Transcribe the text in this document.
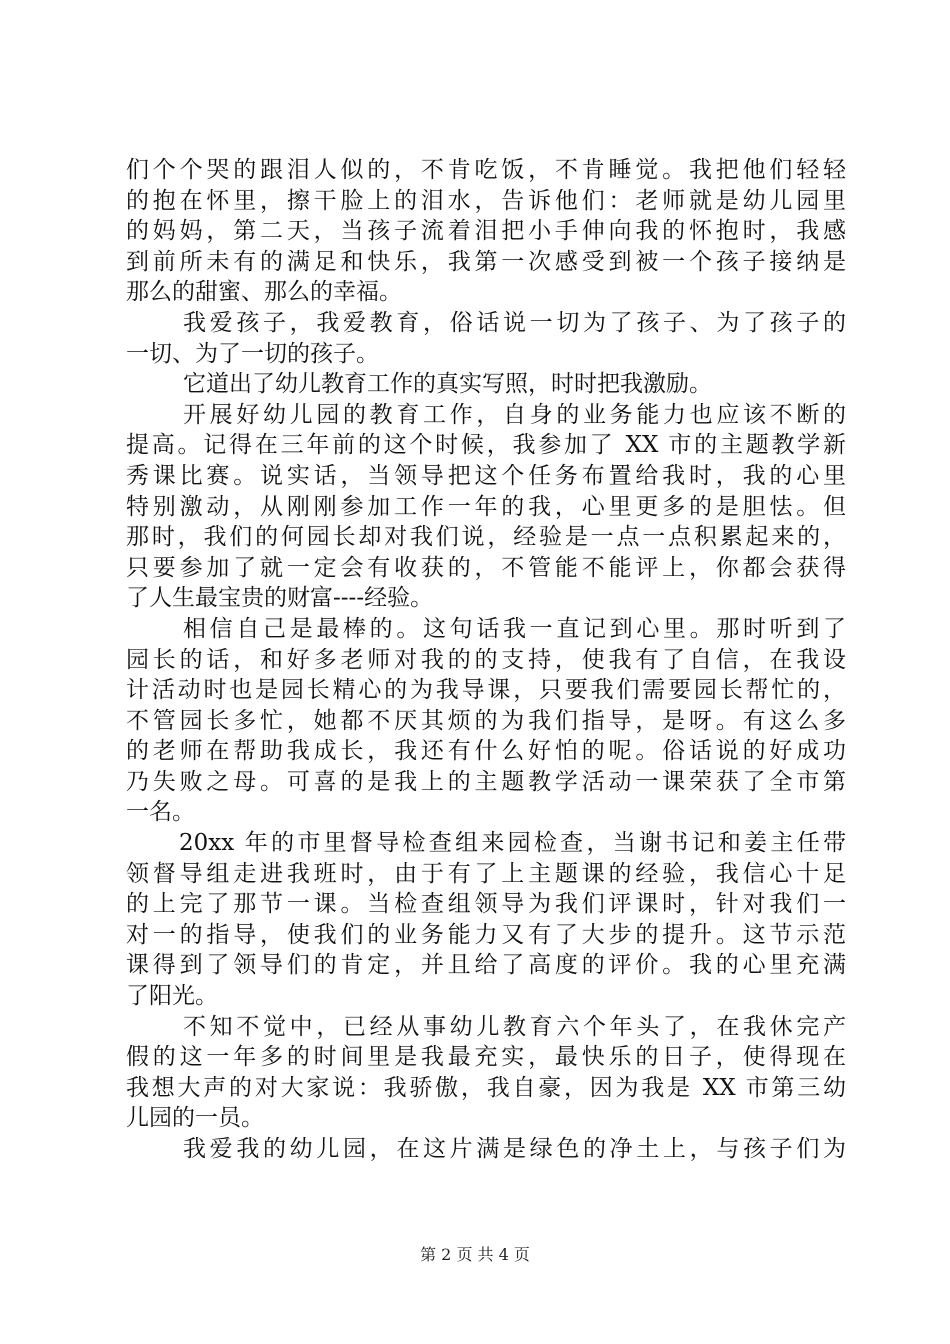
们个个哭的跟泪人似的，不肯吃饭，不肯睡觉。我把他们轻轻
的抱在怀里，擦干脸上的泪水，告诉他们：老师就是幼儿园里
的妈妈，第二天，当孩子流着泪把小手伸向我的怀抱时，我感
到前所未有的满足和快乐，我第一次感受到被一个孩子接纳是
那么的甜蜜、那么的幸福。
我爱孩子，我爱教育，俗话说一切为了孩子、为了孩子的
一切、为了一切的孩子。
它道出了幼儿教育工作的真实写照，时时把我激励。
开展好幼儿园的教育工作，自身的业务能力也应该不断的
提高。记得在三年前的这个时候，我参加了 XX 市的主题教学新
秀课比赛。说实话，当领导把这个任务布置给我时，我的心里
特别激动，从刚刚参加工作一年的我，心里更多的是胆怯。但
那时，我们的何园长却对我们说，经验是一点一点积累起来的，
只要参加了就一定会有收获的，不管能不能评上，你都会获得
了人生最宝贵的财富----经验。
相信自己是最棒的。这句话我一直记到心里。那时听到了
园长的话，和好多老师对我的的支持，使我有了自信，在我设
计活动时也是园长精心的为我导课，只要我们需要园长帮忙的，
不管园长多忙，她都不厌其烦的为我们指导，是呀。有这么多
的老师在帮助我成长，我还有什么好怕的呢。俗话说的好成功
乃失败之母。可喜的是我上的主题教学活动一课荣获了全市第
一名。
20xx 年的市里督导检查组来园检查，当谢书记和姜主任带
领督导组走进我班时，由于有了上主题课的经验，我信心十足
的上完了那节一课。当检查组领导为我们评课时，针对我们一
对一的指导，使我们的业务能力又有了大步的提升。这节示范
课得到了领导们的肯定，并且给了高度的评价。我的心里充满
了阳光。
不知不觉中，已经从事幼儿教育六个年头了，在我休完产
假的这一年多的时间里是我最充实，最快乐的日子，使得现在
我想大声的对大家说：我骄傲，我自豪，因为我是 XX 市第三幼
儿园的一员。
我爱我的幼儿园，在这片满是绿色的净土上，与孩子们为
第 2 页 共 4 页
